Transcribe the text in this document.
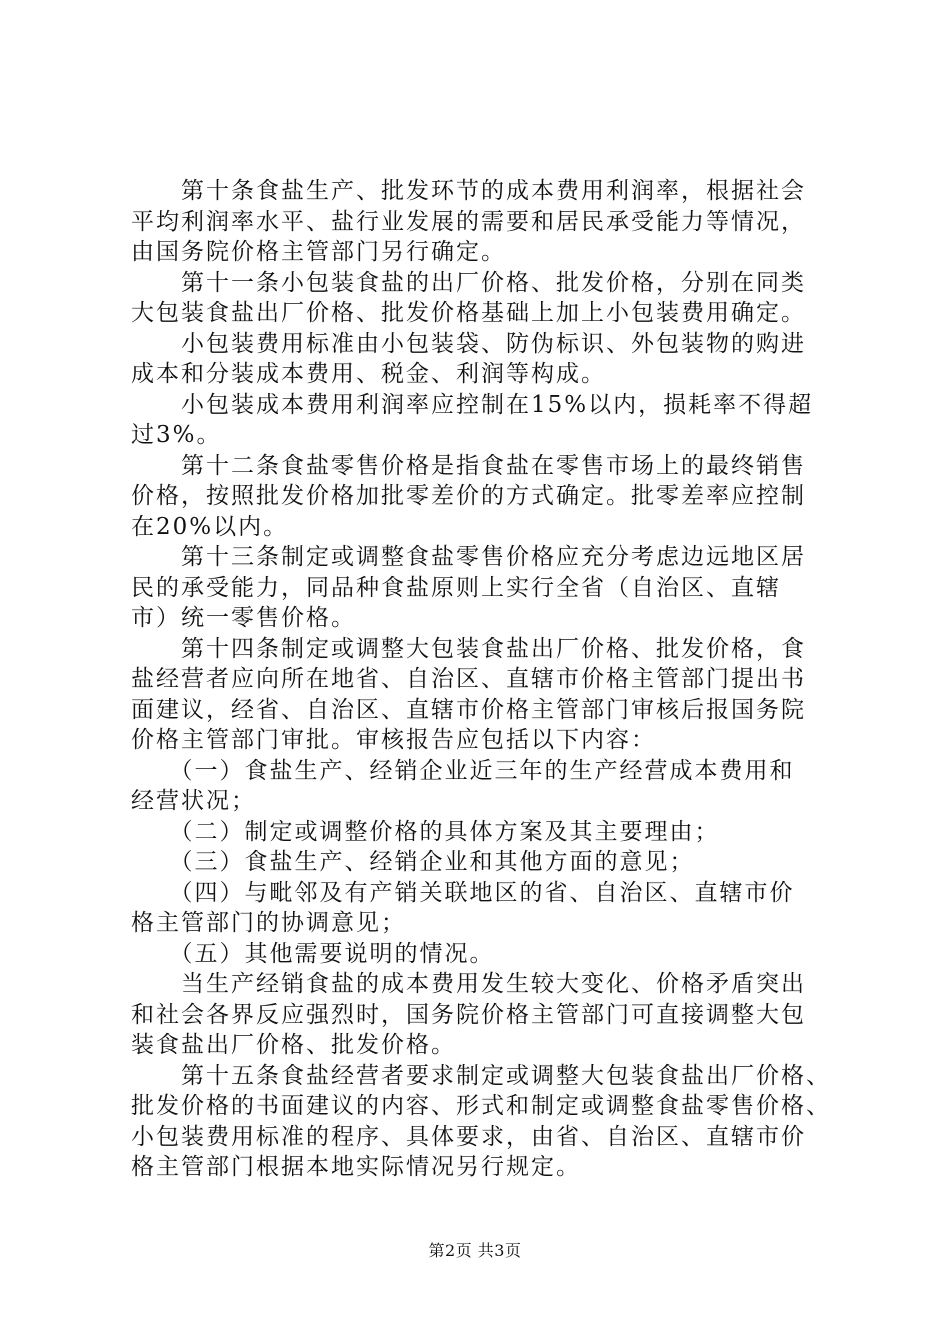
　　第十条食盐生产、批发环节的成本费用利润率，根据社会
平均利润率水平、盐行业发展的需要和居民承受能力等情况，
由国务院价格主管部门另行确定。

　　第十一条小包装食盐的出厂价格、批发价格，分别在同类
大包装食盐出厂价格、批发价格基础上加上小包装费用确定。

　　小包装费用标准由小包装袋、防伪标识、外包装物的购进
成本和分装成本费用、税金、利润等构成。

　　小包装成本费用利润率应控制在15%以内，损耗率不得超
过3%。

　　第十二条食盐零售价格是指食盐在零售市场上的最终销售
价格，按照批发价格加批零差价的方式确定。批零差率应控制
在20%以内。

　　第十三条制定或调整食盐零售价格应充分考虑边远地区居
民的承受能力，同品种食盐原则上实行全省（自治区、直辖
市）统一零售价格。

　　第十四条制定或调整大包装食盐出厂价格、批发价格，食
盐经营者应向所在地省、自治区、直辖市价格主管部门提出书
面建议，经省、自治区、直辖市价格主管部门审核后报国务院
价格主管部门审批。审核报告应包括以下内容：

　　（一）食盐生产、经销企业近三年的生产经营成本费用和
经营状况；

　　（二）制定或调整价格的具体方案及其主要理由；

　　（三）食盐生产、经销企业和其他方面的意见；

　　（四）与毗邻及有产销关联地区的省、自治区、直辖市价
格主管部门的协调意见；

　　（五）其他需要说明的情况。

　　当生产经销食盐的成本费用发生较大变化、价格矛盾突出
和社会各界反应强烈时，国务院价格主管部门可直接调整大包
装食盐出厂价格、批发价格。

　　第十五条食盐经营者要求制定或调整大包装食盐出厂价格、
批发价格的书面建议的内容、形式和制定或调整食盐零售价格、
小包装费用标准的程序、具体要求，由省、自治区、直辖市价
格主管部门根据本地实际情况另行规定。

第2页 共3页
